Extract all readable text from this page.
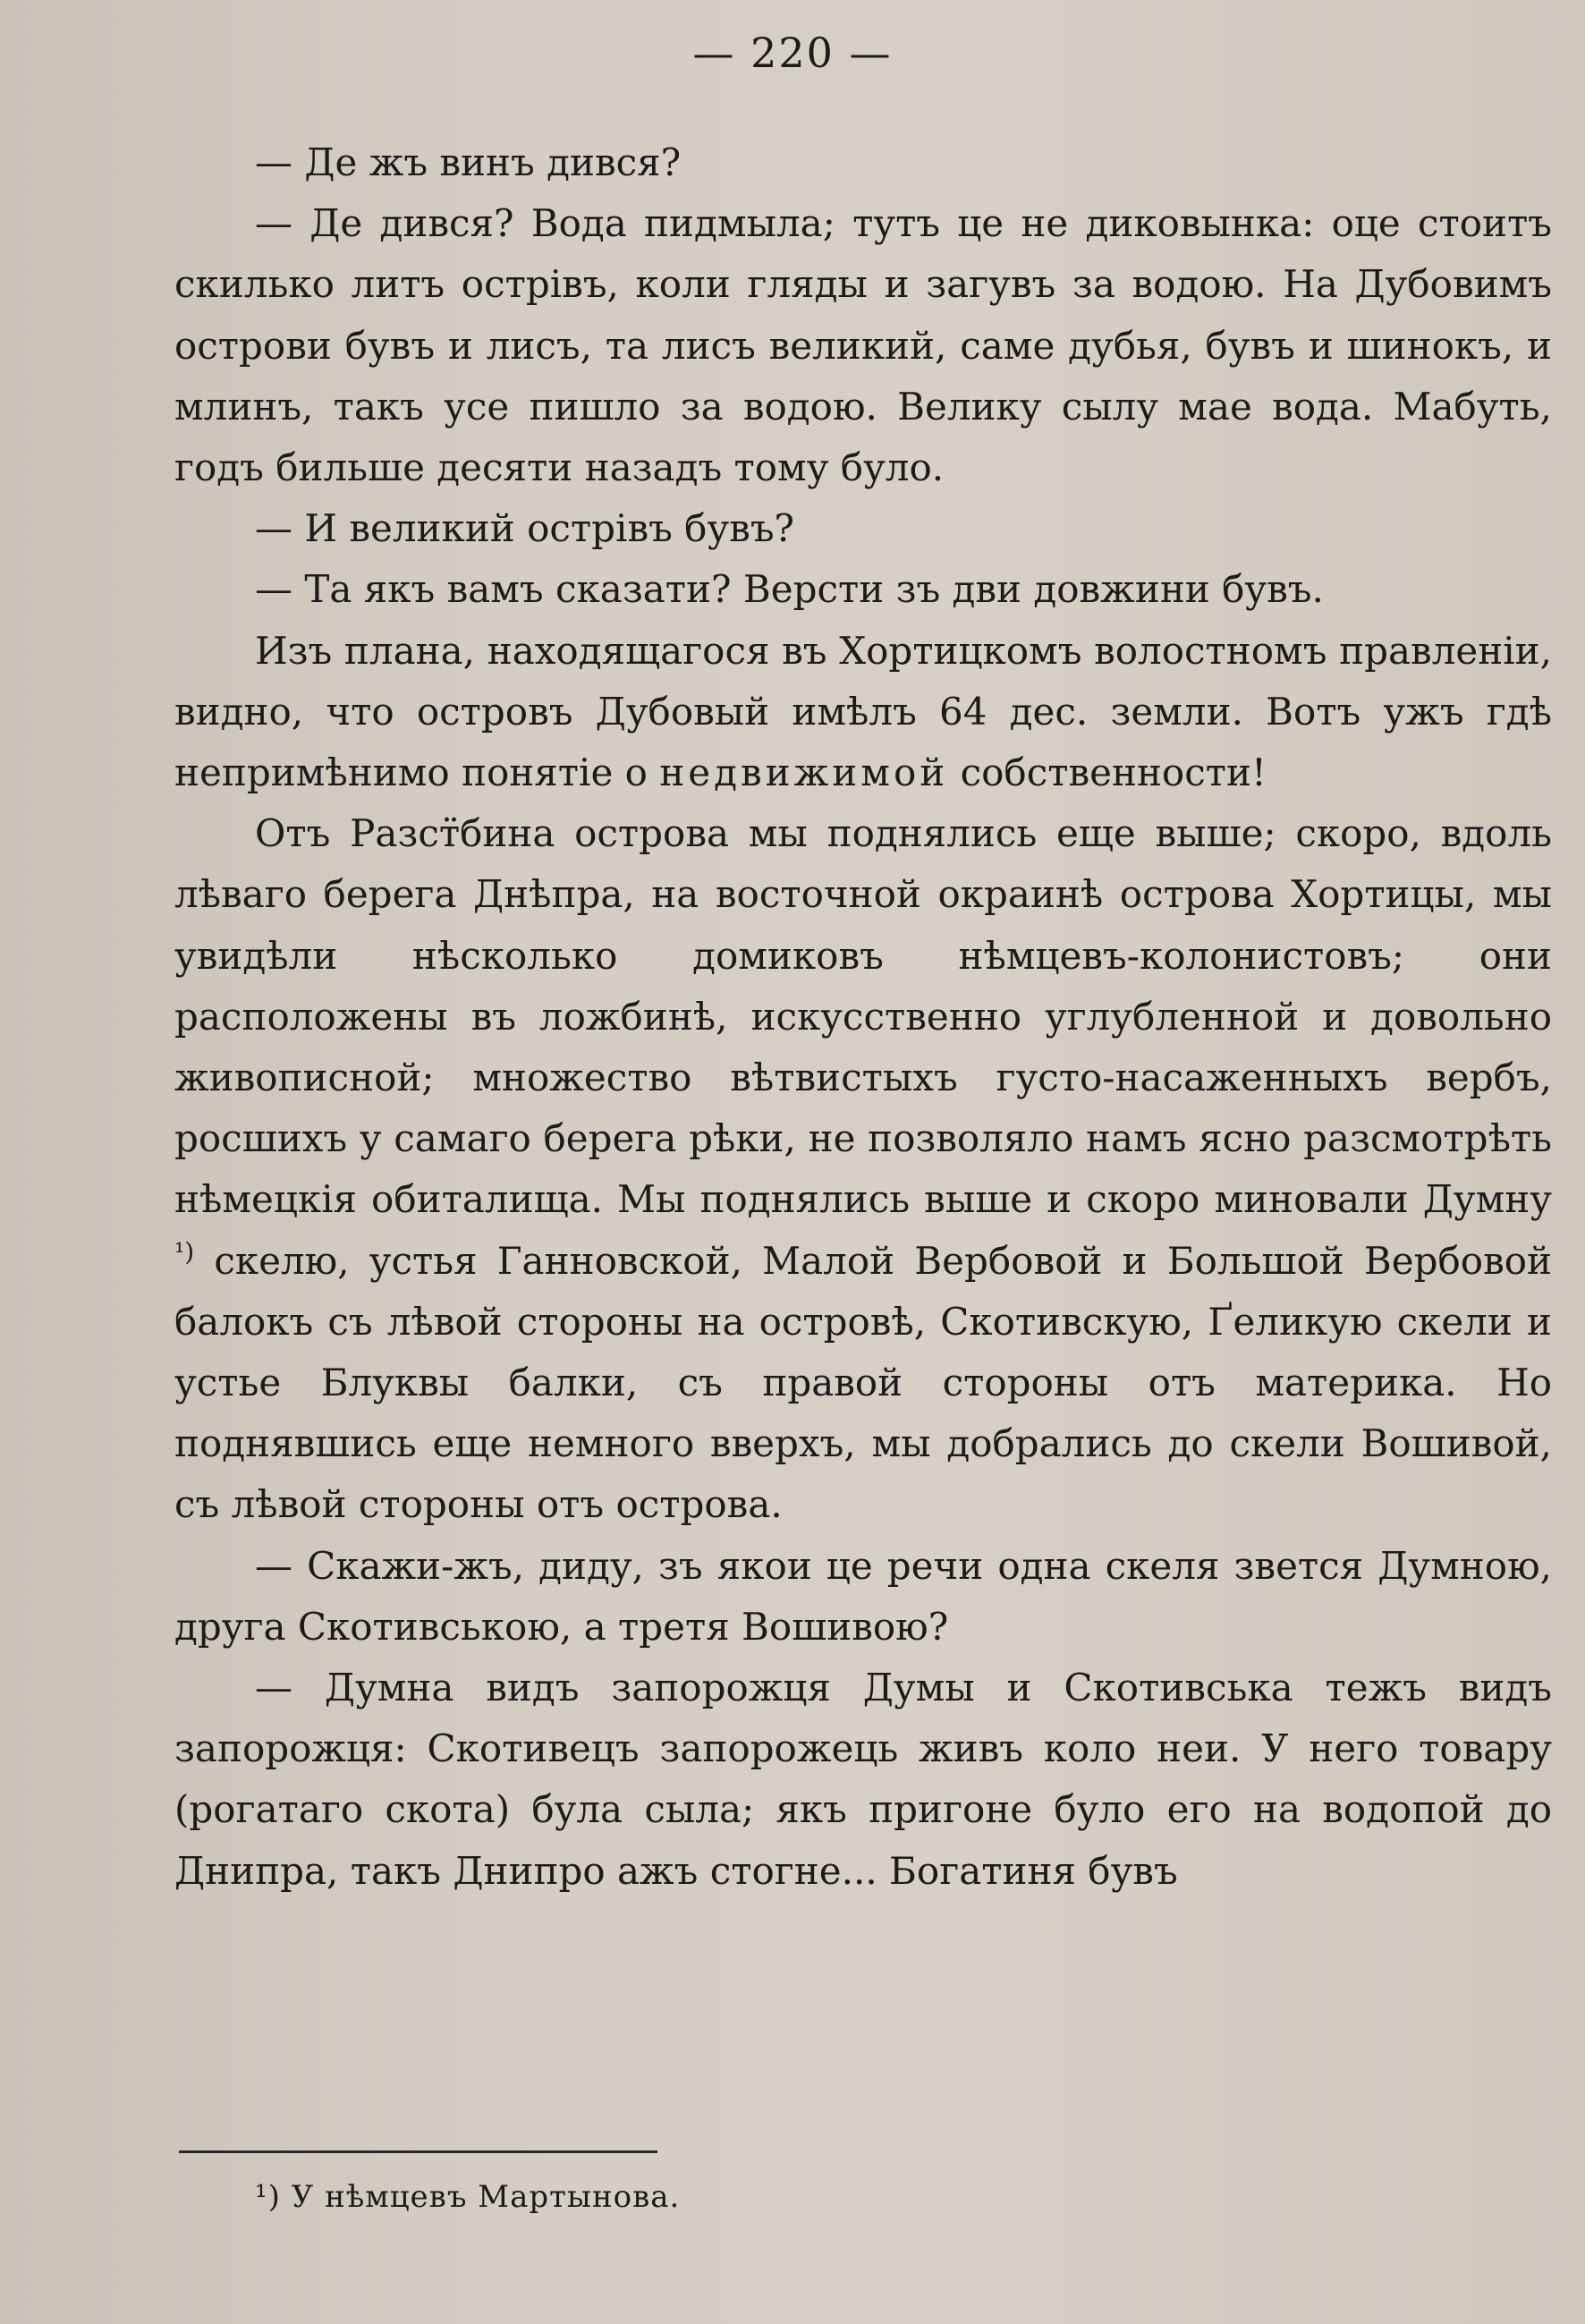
— 220 —

— Де жъ винъ дився?

— Де дився? Вода пидмыла; тутъ це не диковынка: оце стоитъ скилько литъ острівъ, коли гляды и загувъ за водою. На Дубовимъ острови бувъ и лисъ, та лисъ великий, саме дубья, бувъ и шинокъ, и млинъ, такъ усе пишло за водою. Велику сылу мае вода. Мабуть, годъ бильше десяти назадъ тому було.

— И великий острівъ бувъ?

— Та якъ вамъ сказати? Версти зъ дви довжини бувъ.

Изъ плана, находящагося въ Хортицкомъ волостномъ правленіи, видно, что островъ Дубовый имѣлъ 64 дес. земли. Вотъ ужъ гдѣ непримѣнимо понятіе о недвижимой собственности!

Отъ Разст̈бина острова мы поднялись еще выше; скоро, вдоль лѣваго берега Днѣпра, на восточной окраинѣ острова Хортицы, мы увидѣли нѣсколько домиковъ нѣмцевъ-колонистовъ; они расположены въ ложбинѣ, искусственно углубленной и довольно живописной; множество вѣтвистыхъ густо-насаженныхъ вербъ, росшихъ у самаго берега рѣки, не позволяло намъ ясно разсмотрѣть нѣмецкія обиталища. Мы поднялись выше и скоро миновали Думну $^{^1)}$ скелю, устья Ганновской, Малой Вербовой и Большой Вербовой балокъ съ лѣвой стороны на островѣ, Скотивскую, Ґеликую скели и устье Блуквы балки, съ правой стороны отъ материка. Но поднявшись еще немного вверхъ, мы добрались до скели Вошивой, съ лѣвой стороны отъ острова.

— Скажи-жъ, диду, зъ якои це речи одна скеля звется Думною, друга Скотивською, а третя Вошивою?

— Думна видъ запорожця Думы и Скотивська тежъ видъ запорожця: Скотивецъ запорожець живъ коло неи. У него товару (рогатаго скота) була сыла; якъ пригоне було его на водопой до Днипра, такъ Днипро ажъ стогне... Богатиня бувъ

¹) У нѣмцевъ Мартынова.
